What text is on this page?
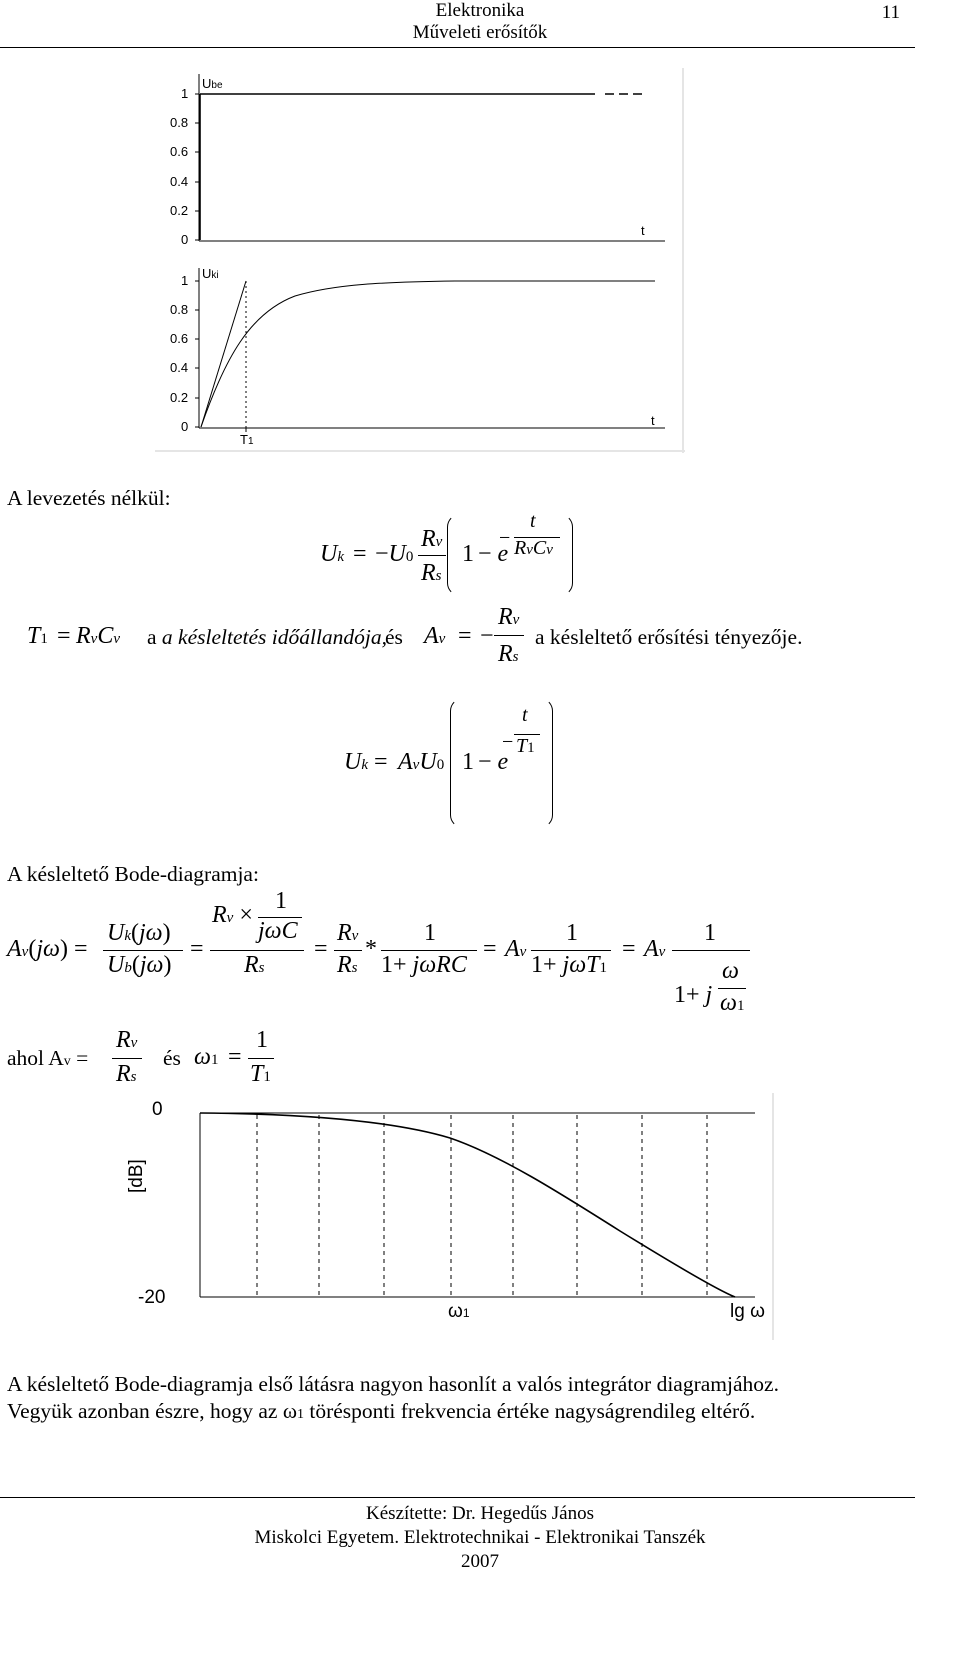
Elektronika
Műveleti erősítők
11
1
0.8
0.6
0.4
0.2
0
1
0.8
0.6
0.4
0.2
0
Ube
Uki
t
t
T1
A levezetés nélkül:
Uk = −U0
Rv
Rs
1 − e
−
t
RvCv
T1 = RvCv a a késleltetés időállandója,
és Av = −
Rv
Rs
a késleltető erősítési tényezője.
Uk = AvU0 1 − e
−
t
T1
A késleltető Bode-diagramja:
Av(jω) =
Uk(jω)
Ub(jω)
=
Rv ×
1
jωC
Rs
=
Rv
Rs
*
1
1+ jωRC
= Av
1
1+ jωT1
= Av
1
1+ j
ω
ω1
ahol Av =
Rv
Rs
és ω1 =
1
T1
0
-20
[dB]
ω1	lg ω
A késleltető Bode-diagramja első látásra nagyon hasonlít a valós integrátor diagramjához.
Vegyük azonban észre, hogy az ω1 törésponti frekvencia értéke nagyságrendileg eltérő.
Készítette: Dr. Hegedűs János
Miskolci Egyetem. Elektrotechnikai - Elektronikai Tanszék
2007
